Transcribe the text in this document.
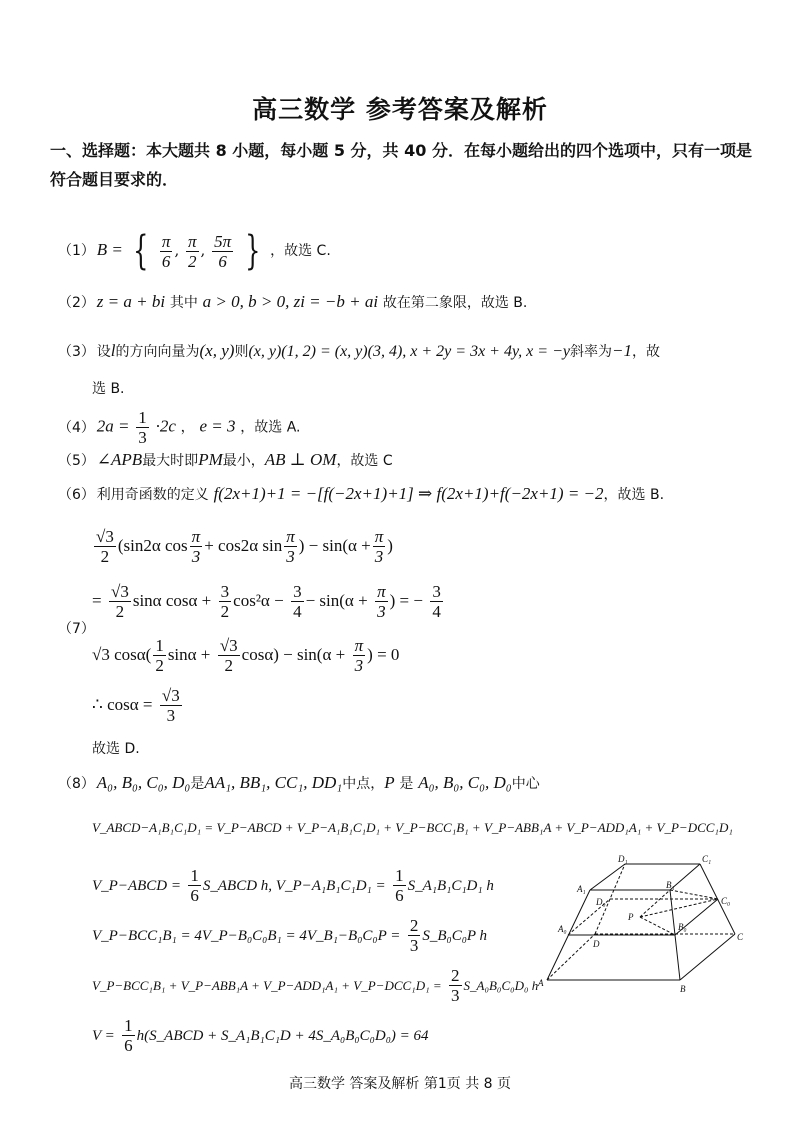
高三数学 参考答案及解析
一、选择题：本大题共 8 小题，每小题 5 分，共 40 分．在每小题给出的四个选项中，只有一项是符合题目要求的．
（1） B = { $\frac{\pi}{6}$ , $\frac{\pi}{2}$ , $\frac{5\pi}{6}$ } ，故选 C.
（2） z = a + bi 其中 a > 0, b > 0, zi = −b + ai 故在第二象限，故选 B.
（3） 设l的方向向量为(x, y)则(x, y)(1, 2) = (x, y)(3, 4), x + 2y = 3x + 4y, x = −y斜率为−1，故
选 B.
（4） $2a = \frac{1}{3} \cdot 2c$ ， e = 3 ，故选 A.
（5） ∠APB最大时即PM最小，AB ⊥ OM，故选 C
（6） 利用奇函数的定义 f(2x+1)+1 = −[f(−2x+1)+1] ⇒ f(2x+1)+f(−2x+1) = −2，故选 B.
（7）
$\frac{√3}{2} (\sin 2\alpha$ $\cos \frac{\pi}{3} + \cos 2\alpha$ $\sin \frac{\pi}{3}$ ) − $\sin(\alpha + \frac{\pi}{3}$ )
= $\frac{√3}{2}$ sinα $\cos\alpha + \frac{3}{2} \cos^2\alpha - \frac{3}{4} - \sin(\alpha + \frac{\pi}{3}$ ) = − $\frac{3}{4}$
√3 $\cos\alpha( \frac{1}{2}$ $\sin\alpha + \frac{√3}{2} \cos\alpha) - \sin(\alpha + \frac{\pi}{3}$ ) = 0
∴ $\cos\alpha = \frac{√3}{3}$
故选 D.
（8） A₀, B₀, C₀, D₀是AA₁, BB₁, CC₁, DD₁中点，P 是 A₀, B₀, C₀, D₀中心
V_ABCD−A₁B₁C₁D₁ = V_P−ABCD + V_P−A₁B₁C₁D₁ + V_P−BCC₁B₁ + V_P−ABB₁A + V_P−ADD₁A₁ + V_P−DCC₁D₁
V_P−ABCD = $\frac{1}{6}$ S_ABCD h, V_P−A₁B₁C₁D₁ = $\frac{1}{6}$ S_A₁B₁C₁D₁ h
V_P−BCC₁B₁ = 4V_P−B₀C₀B₁ = 4V_B₁−B₀C₀P = $\frac{2}{3}$ S_B₀C₀P h
V_P−BCC₁B₁ + V_P−ABB₁A + V_P−ADD₁A₁ + V_P−DCC₁D₁ = $\frac{2}{3}$ S_A₀B₀C₀D₀ h
$V = \frac{1}{6}$ h(S_ABCD + S_A₁B₁C₁D + 4S_A₀B₀C₀D₀) = 64
D₁	C₁
A₁	B₁
D₀	C₀
P
A₀	B₀
D
C
A
B
高三数学 答案及解析 第1页 共 8 页
